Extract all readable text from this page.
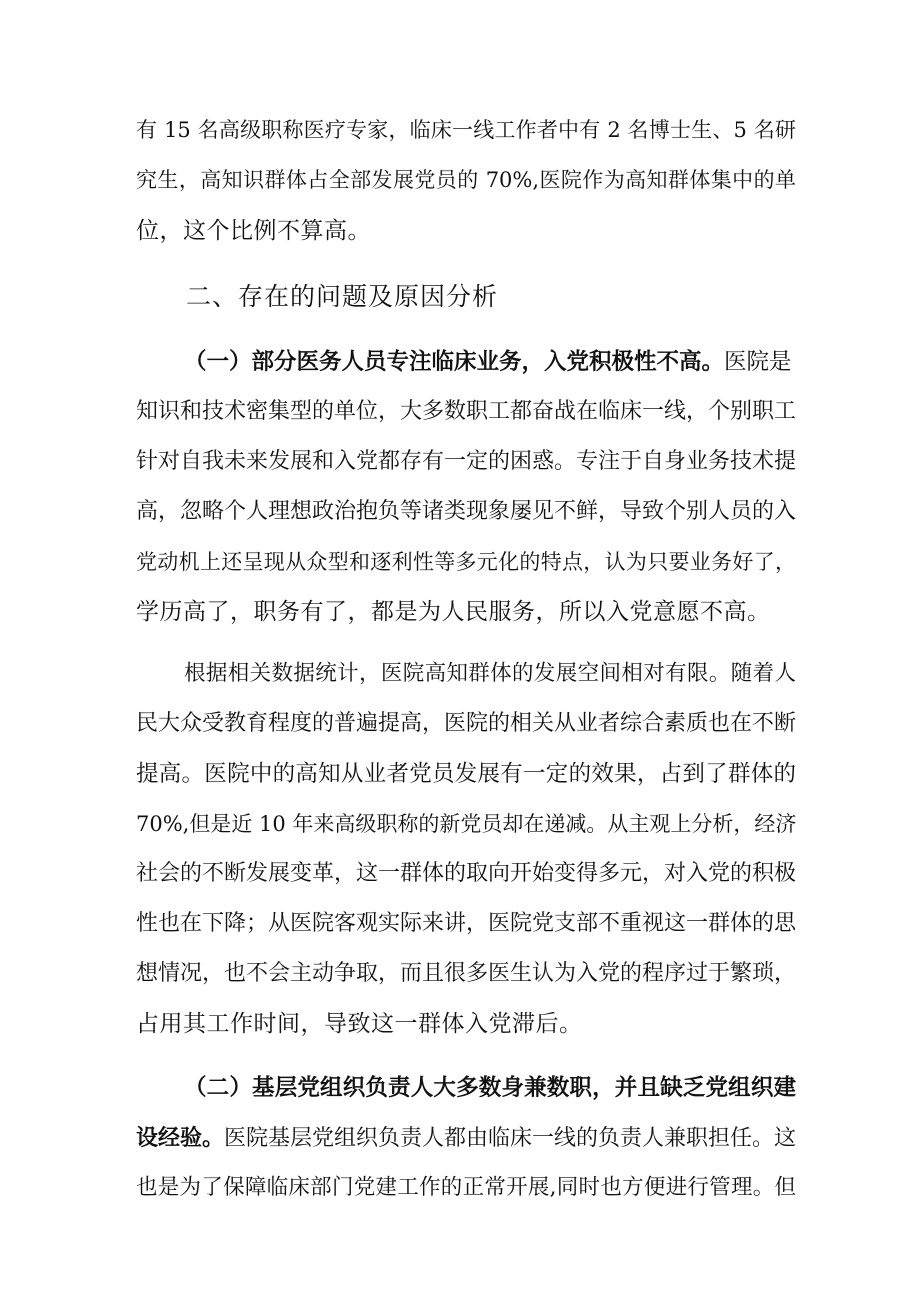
有 15 名高级职称医疗专家，临床一线工作者中有 2 名博士生、5 名研
究生，高知识群体占全部发展党员的 70%,医院作为高知群体集中的单
位，这个比例不算高。
二、存在的问题及原因分析
（一）部分医务人员专注临床业务，入党积极性不高。医院是
知识和技术密集型的单位，大多数职工都奋战在临床一线，个别职工
针对自我未来发展和入党都存有一定的困惑。专注于自身业务技术提
高，忽略个人理想政治抱负等诸类现象屡见不鲜，导致个别人员的入
党动机上还呈现从众型和逐利性等多元化的特点，认为只要业务好了，
学历高了，职务有了，都是为人民服务，所以入党意愿不高。
根据相关数据统计，医院高知群体的发展空间相对有限。随着人
民大众受教育程度的普遍提高，医院的相关从业者综合素质也在不断
提高。医院中的高知从业者党员发展有一定的效果，占到了群体的
70%,但是近 10 年来高级职称的新党员却在递减。从主观上分析，经济
社会的不断发展变革，这一群体的取向开始变得多元，对入党的积极
性也在下降；从医院客观实际来讲，医院党支部不重视这一群体的思
想情况，也不会主动争取，而且很多医生认为入党的程序过于繁琐，
占用其工作时间，导致这一群体入党滞后。
（二）基层党组织负责人大多数身兼数职，并且缺乏党组织建
设经验。医院基层党组织负责人都由临床一线的负责人兼职担任。这
也是为了保障临床部门党建工作的正常开展,同时也方便进行管理。但
